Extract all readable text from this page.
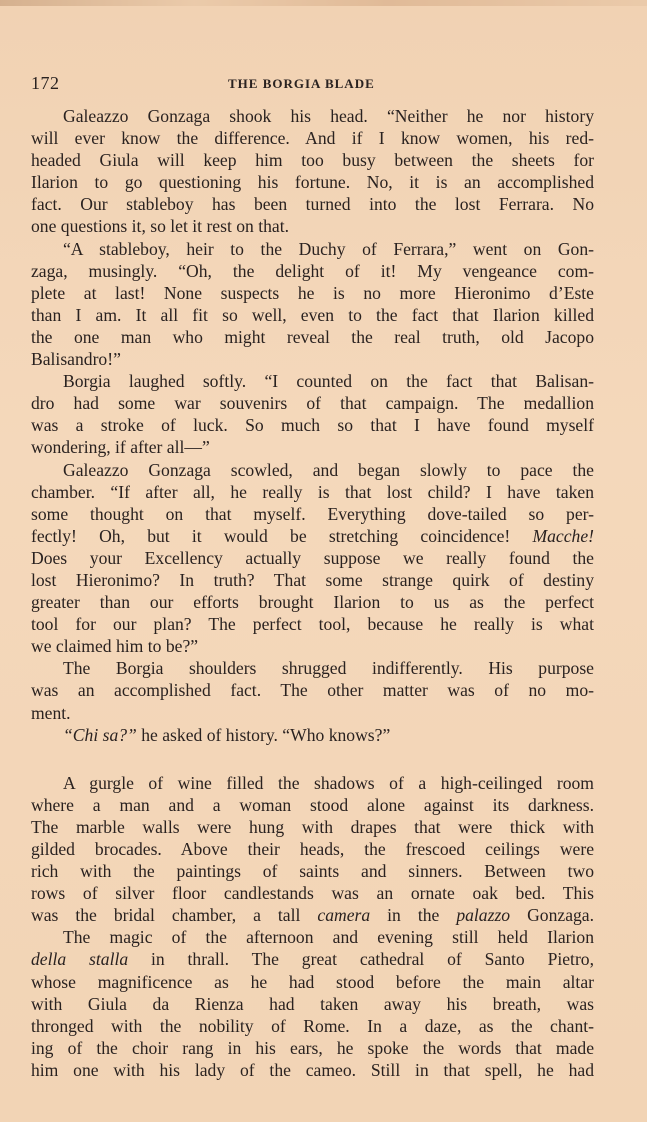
172	THE BORGIA BLADE
Galeazzo Gonzaga shook his head. “Neither he nor history
will ever know the difference. And if I know women, his red-
headed Giula will keep him too busy between the sheets for
Ilarion to go questioning his fortune. No, it is an accomplished
fact. Our stableboy has been turned into the lost Ferrara. No
one questions it, so let it rest on that.
“A stableboy, heir to the Duchy of Ferrara,” went on Gon-
zaga, musingly. “Oh, the delight of it! My vengeance com-
plete at last! None suspects he is no more Hieronimo d’Este
than I am. It all fit so well, even to the fact that Ilarion killed
the one man who might reveal the real truth, old Jacopo
Balisandro!”
Borgia laughed softly. “I counted on the fact that Balisan-
dro had some war souvenirs of that campaign. The medallion
was a stroke of luck. So much so that I have found myself
wondering, if after all—”
Galeazzo Gonzaga scowled, and began slowly to pace the
chamber. “If after all, he really is that lost child? I have taken
some thought on that myself. Everything dove-tailed so per-
fectly! Oh, but it would be stretching coincidence! Macche!
Does your Excellency actually suppose we really found the
lost Hieronimo? In truth? That some strange quirk of destiny
greater than our efforts brought Ilarion to us as the perfect
tool for our plan? The perfect tool, because he really is what
we claimed him to be?”
The Borgia shoulders shrugged indifferently. His purpose
was an accomplished fact. The other matter was of no mo-
ment.
“Chi sa?” he asked of history. “Who knows?”
A gurgle of wine filled the shadows of a high-ceilinged room
where a man and a woman stood alone against its darkness.
The marble walls were hung with drapes that were thick with
gilded brocades. Above their heads, the frescoed ceilings were
rich with the paintings of saints and sinners. Between two
rows of silver floor candlestands was an ornate oak bed. This
was the bridal chamber, a tall camera in the palazzo Gonzaga.
The magic of the afternoon and evening still held Ilarion
della stalla in thrall. The great cathedral of Santo Pietro,
whose magnificence as he had stood before the main altar
with Giula da Rienza had taken away his breath, was
thronged with the nobility of Rome. In a daze, as the chant-
ing of the choir rang in his ears, he spoke the words that made
him one with his lady of the cameo. Still in that spell, he had
